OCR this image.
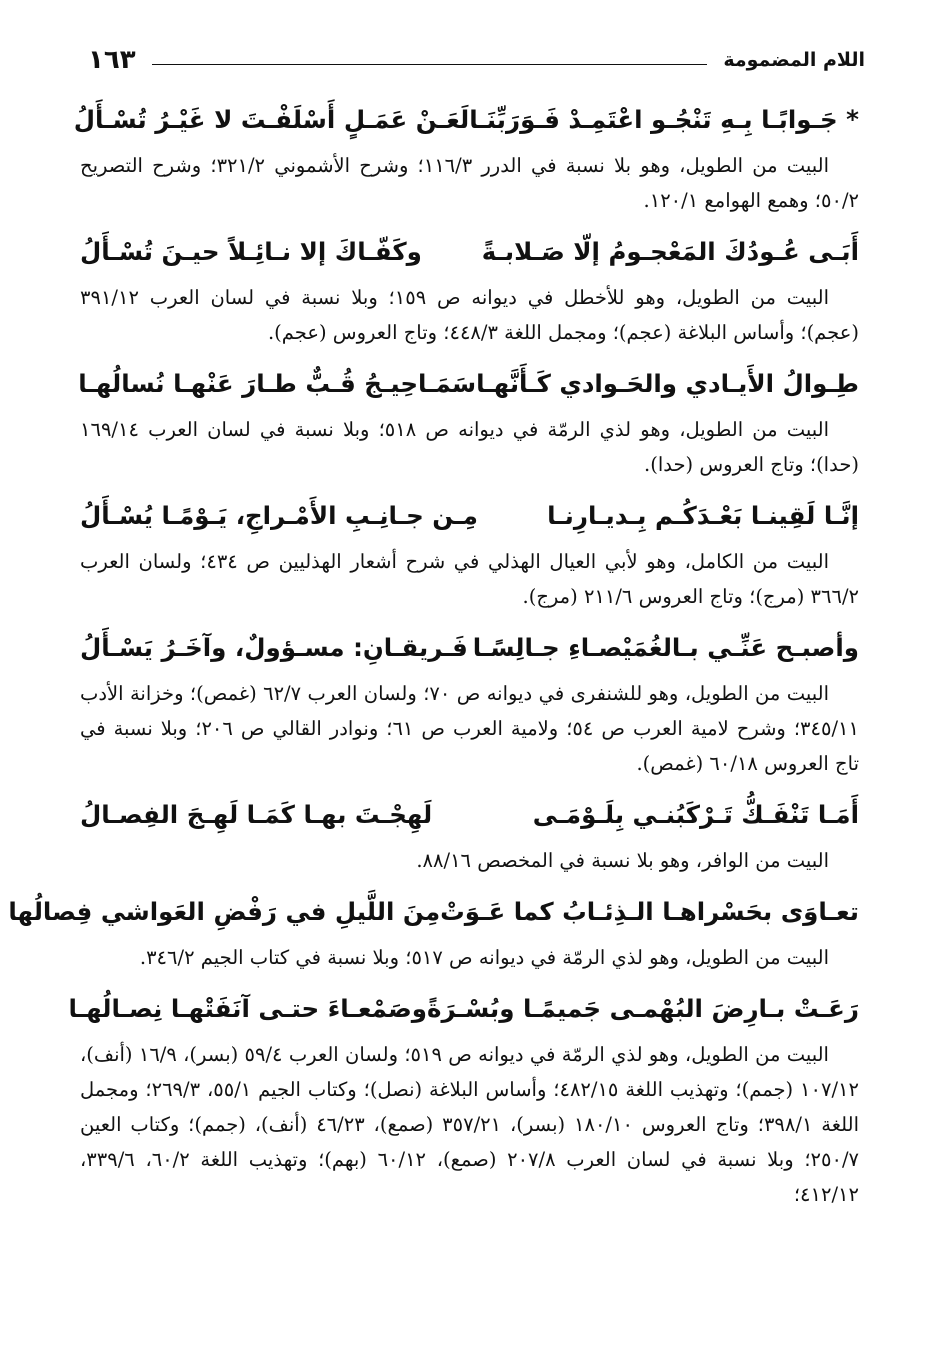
اللام المضمومة
١٦٣
* جَـوابًـا بِـهِ تَنْجُـو اعْتَمِـدْ فَـوَرَبِّنَـا
لَعَـنْ عَمَـلٍ أَسْلَفْـتَ لا غَيْـرُ تُسْـأَلُ
البيت من الطويل، وهو بلا نسبة في الدرر ١١٦/٣؛ وشرح الأشموني ٣٢١/٢؛ وشرح التصريح ٥٠/٢؛ وهمع الهوامع ١٢٠/١.
أَبَـى عُـودُكَ المَعْجـومُ إلّا صَـلابـةً
وكَفّـاكَ إلا نـائِـلاً حيـنَ تُسْـأَلُ
البيت من الطويل، وهو للأخطل في ديوانه ص ١٥٩؛ وبلا نسبة في لسان العرب ٣٩١/١٢ (عجم)؛ وأساس البلاغة (عجم)؛ ومجمل اللغة ٤٤٨/٣؛ وتاج العروس (عجم).
طِـوالُ الأَيـادي والحَـوادي كَـأَنَّهـا
سَمَـاحِيـجُ قُـبٌّ طـارَ عَنْهـا نُسالُهـا
البيت من الطويل، وهو لذي الرمّة في ديوانه ص ٥١٨؛ وبلا نسبة في لسان العرب ١٦٩/١٤ (حدا)؛ وتاج العروس (حدا).
إنَّـا لَقِينـا بَعْـدَكُـم بِـديـارِنـا
مِـن جـانِـبِ الأَمْـراجِ، يَـوْمًـا يُسْـأَلُ
البيت من الكامل، وهو لأبي العيال الهذلي في شرح أشعار الهذليين ص ٤٣٤؛ ولسان العرب ٣٦٦/٢ (مرج)؛ وتاج العروس ٢١١/٦ (مرج).
وأصبـح عَنِّـي بـالغُمَيْصـاءِ جـالِسًـا
فَـريقـانِ: مسـؤولٌ، وآخَـرُ يَسْـأَلُ
البيت من الطويل، وهو للشنفرى في ديوانه ص ٧٠؛ ولسان العرب ٦٢/٧ (غمص)؛ وخزانة الأدب ٣٤٥/١١؛ وشرح لامية العرب ص ٥٤؛ ولامية العرب ص ٦١؛ ونوادر القالي ص ٢٠٦؛ وبلا نسبة في تاج العروس ٦٠/١٨ (غمص).
أَمَـا تَنْفَـكُّ تَـرْكَبُنـي بِلَـوْمَـى
لَهِجْـتَ بهـا كَمَـا لَهِـجَ الفِصـالُ
البيت من الوافر، وهو بلا نسبة في المخصص ٨٨/١٦.
تعـاوَى بحَسْراهـا الـذِئـابُ كما عَـوَتْ
مِنَ اللَّيلِ في رَفْضِ العَواشي فِصالُها
البيت من الطويل، وهو لذي الرمّة في ديوانه ص ٥١٧؛ وبلا نسبة في كتاب الجيم ٣٤٦/٢.
رَعَـتْ بـارِضَ البُهْمـى جَميمًـا وبُسْـرَةً
وصَمْعـاءَ حتـى آنَفَتْهـا نِصـالُهـا
البيت من الطويل، وهو لذي الرمّة في ديوانه ص ٥١٩؛ ولسان العرب ٥٩/٤ (بسر)، ١٦/٩ (أنف)، ١٠٧/١٢ (جمم)؛ وتهذيب اللغة ٤٨٢/١٥؛ وأساس البلاغة (نصل)؛ وكتاب الجيم ٥٥/١، ٢٦٩/٣؛ ومجمل اللغة ٣٩٨/١؛ وتاج العروس ١٨٠/١٠ (بسر)، ٣٥٧/٢١ (صمع)، ٤٦/٢٣ (أنف)، (جمم)؛ وكتاب العين ٢٥٠/٧؛ وبلا نسبة في لسان العرب ٢٠٧/٨ (صمع)، ٦٠/١٢ (بهم)؛ وتهذيب اللغة ٦٠/٢، ٣٣٩/٦، ٤١٢/١٢؛
